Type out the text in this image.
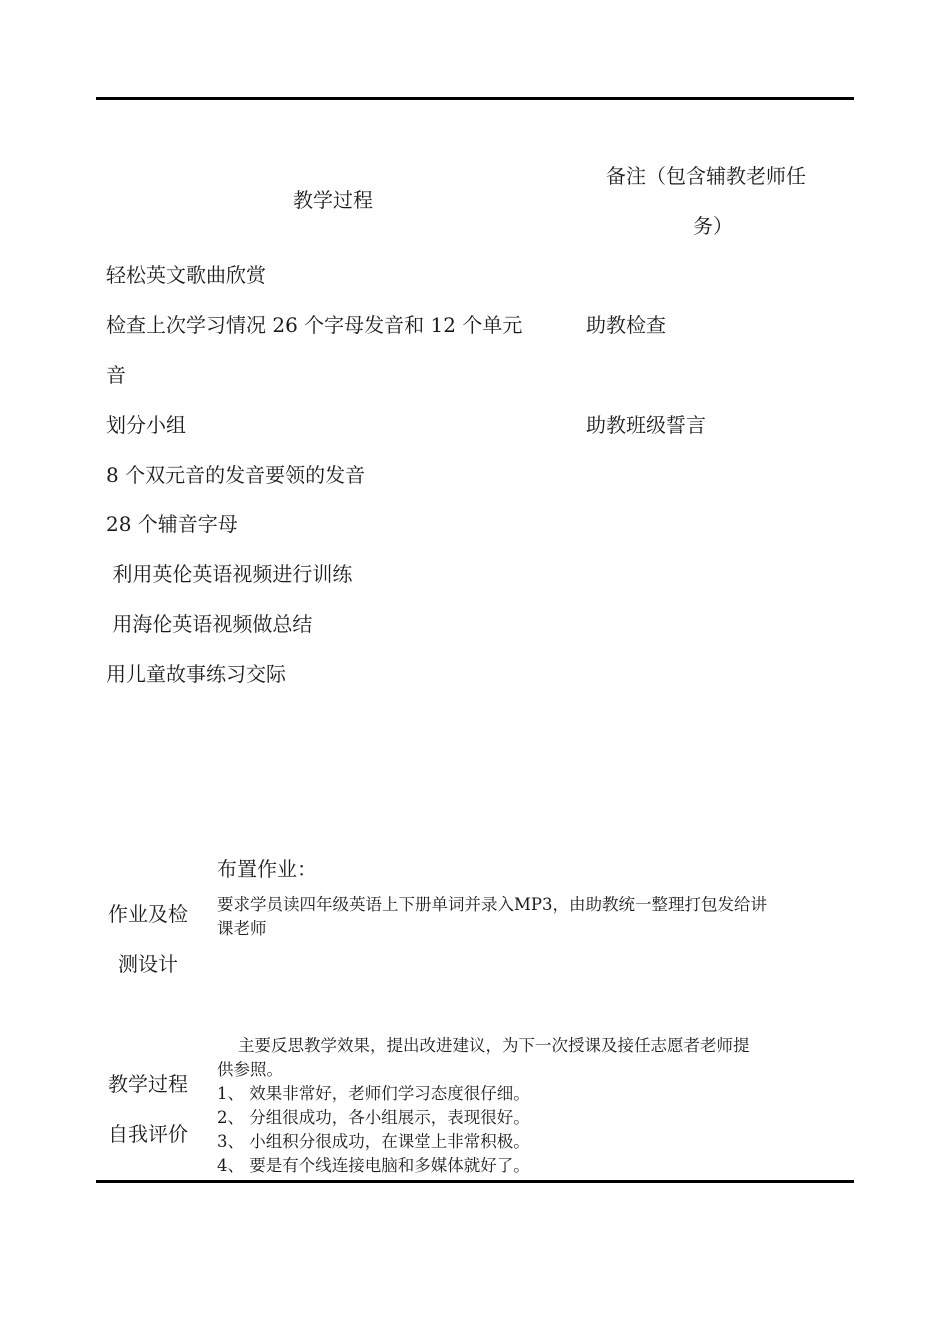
教学过程
备注（包含辅教老师任
务）
轻松英文歌曲欣赏
检查上次学习情况 26 个字母发音和 12 个单元
音
划分小组
8 个双元音的发音要领的发音
28 个辅音字母
利用英伦英语视频进行训练
用海伦英语视频做总结
用儿童故事练习交际
助教检查
助教班级誓言
作业及检
测设计
布置作业：
要求学员读四年级英语上下册单词并录入MP3，由助教统一整理打包发给讲
课老师
教学过程
自我评价
主要反思教学效果，提出改进建议，为下一次授课及接任志愿者老师提
供参照。
1、 效果非常好，老师们学习态度很仔细。
2、 分组很成功，各小组展示，表现很好。
3、 小组积分很成功，在课堂上非常积极。
4、 要是有个线连接电脑和多媒体就好了。
